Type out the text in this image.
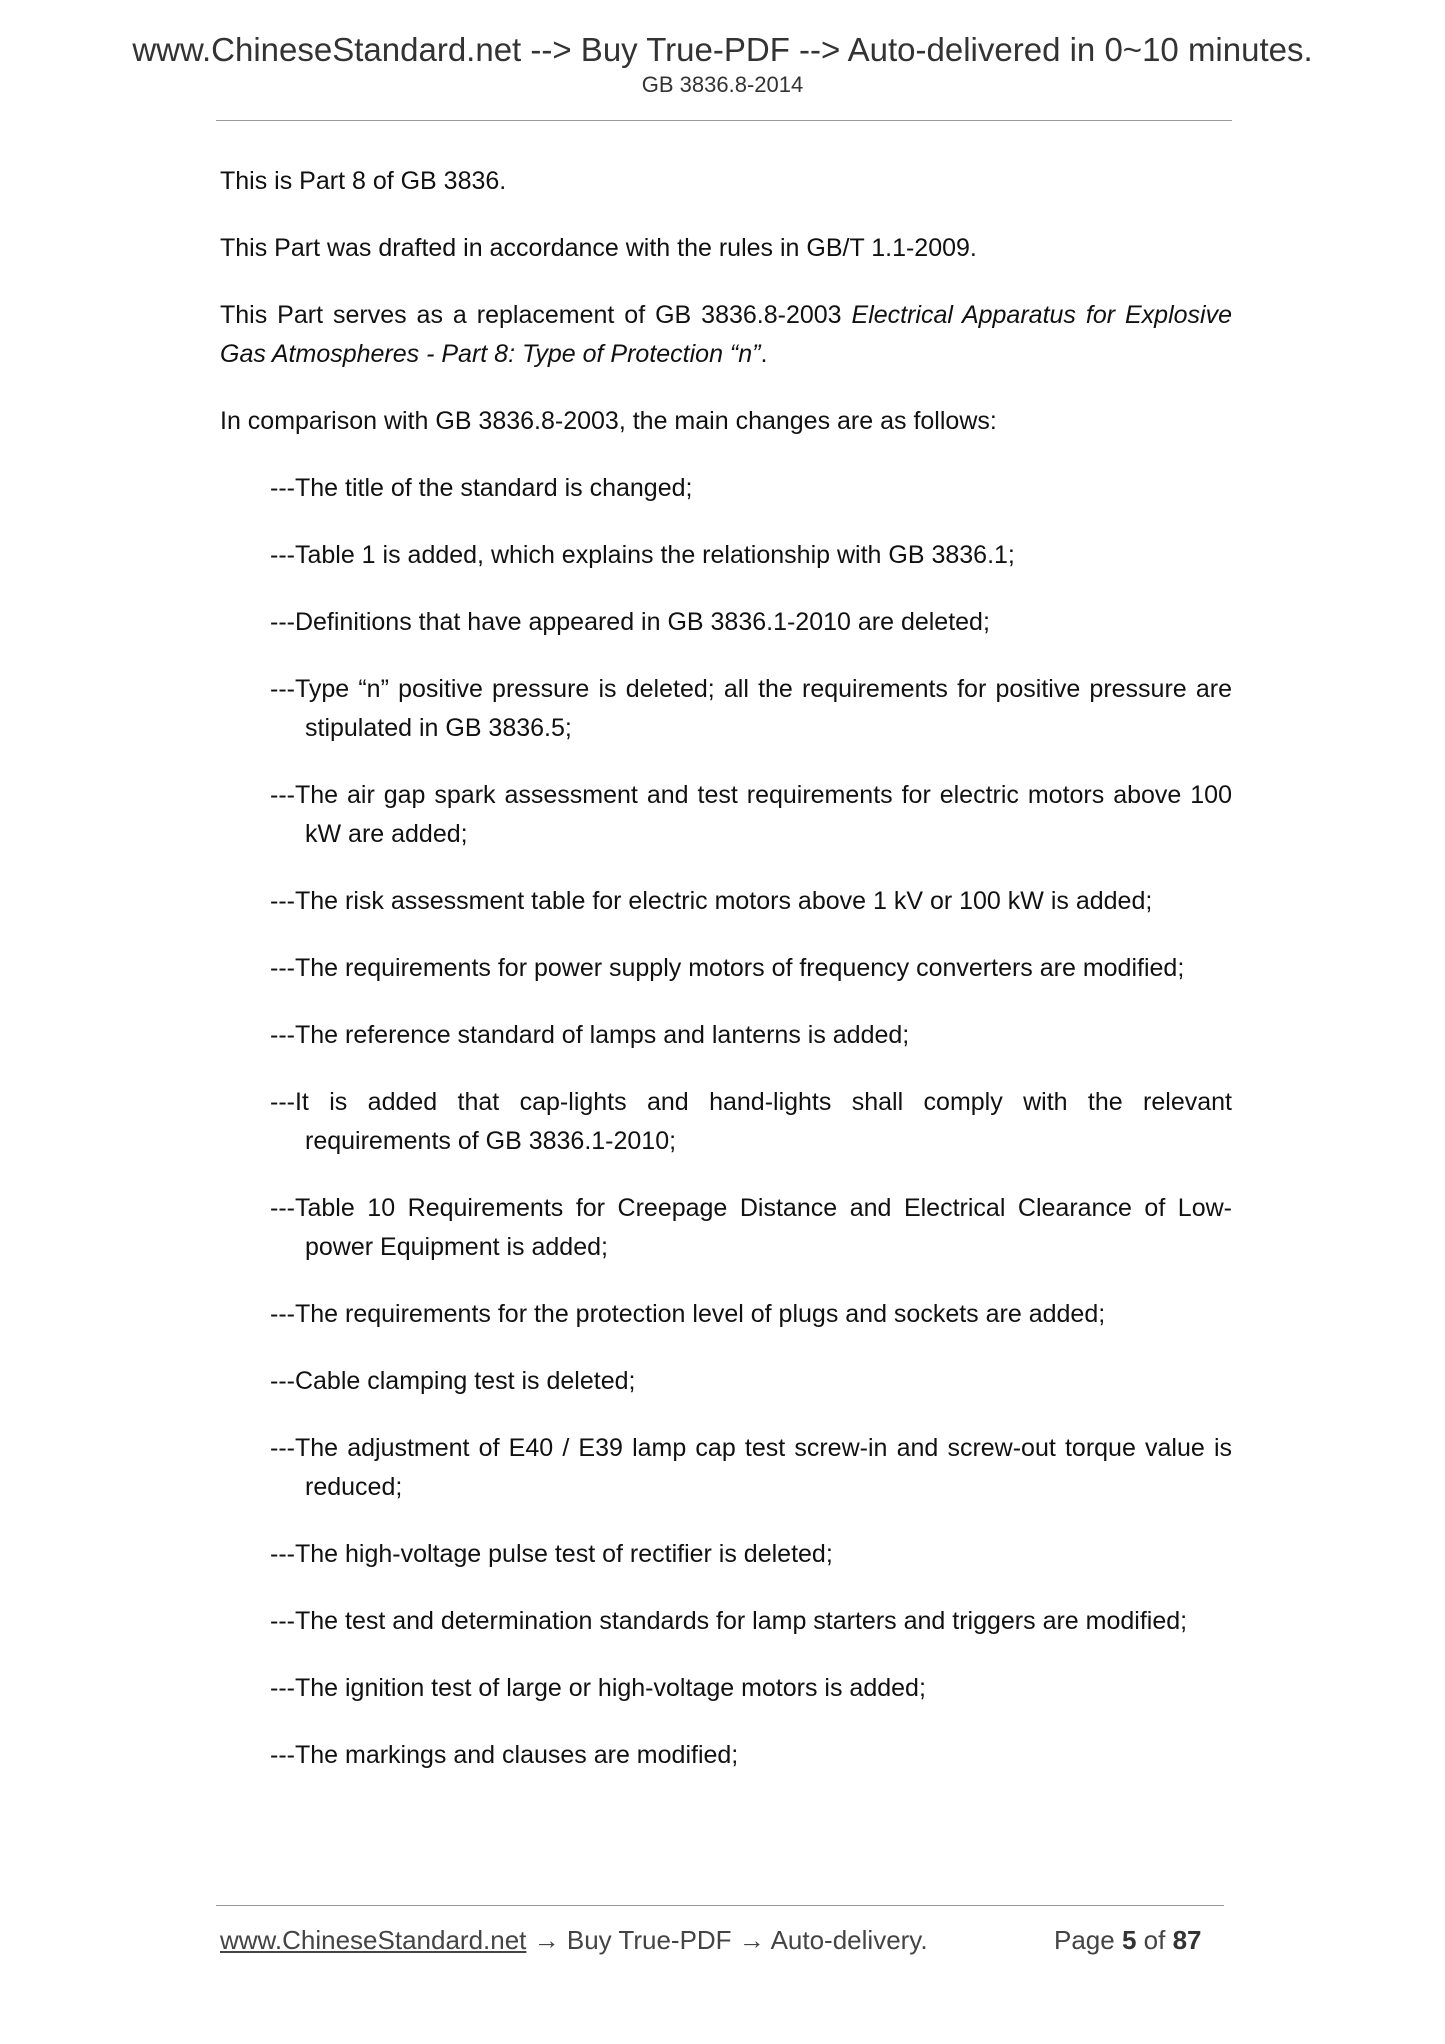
www.ChineseStandard.net --> Buy True-PDF --> Auto-delivered in 0~10 minutes.
GB 3836.8-2014

This is Part 8 of GB 3836.

This Part was drafted in accordance with the rules in GB/T 1.1-2009.

This Part serves as a replacement of GB 3836.8-2003 Electrical Apparatus for Explosive Gas Atmospheres - Part 8: Type of Protection “n”.

In comparison with GB 3836.8-2003, the main changes are as follows:

---The title of the standard is changed;
---Table 1 is added, which explains the relationship with GB 3836.1;
---Definitions that have appeared in GB 3836.1-2010 are deleted;
---Type “n” positive pressure is deleted; all the requirements for positive pressure are stipulated in GB 3836.5;
---The air gap spark assessment and test requirements for electric motors above 100 kW are added;
---The risk assessment table for electric motors above 1 kV or 100 kW is added;
---The requirements for power supply motors of frequency converters are modified;
---The reference standard of lamps and lanterns is added;
---It is added that cap-lights and hand-lights shall comply with the relevant requirements of GB 3836.1-2010;
---Table 10 Requirements for Creepage Distance and Electrical Clearance of Low-power Equipment is added;
---The requirements for the protection level of plugs and sockets are added;
---Cable clamping test is deleted;
---The adjustment of E40 / E39 lamp cap test screw-in and screw-out torque value is reduced;
---The high-voltage pulse test of rectifier is deleted;
---The test and determination standards for lamp starters and triggers are modified;
---The ignition test of large or high-voltage motors is added;
---The markings and clauses are modified;
www.ChineseStandard.net → Buy True-PDF → Auto-delivery.	Page 5 of 87
